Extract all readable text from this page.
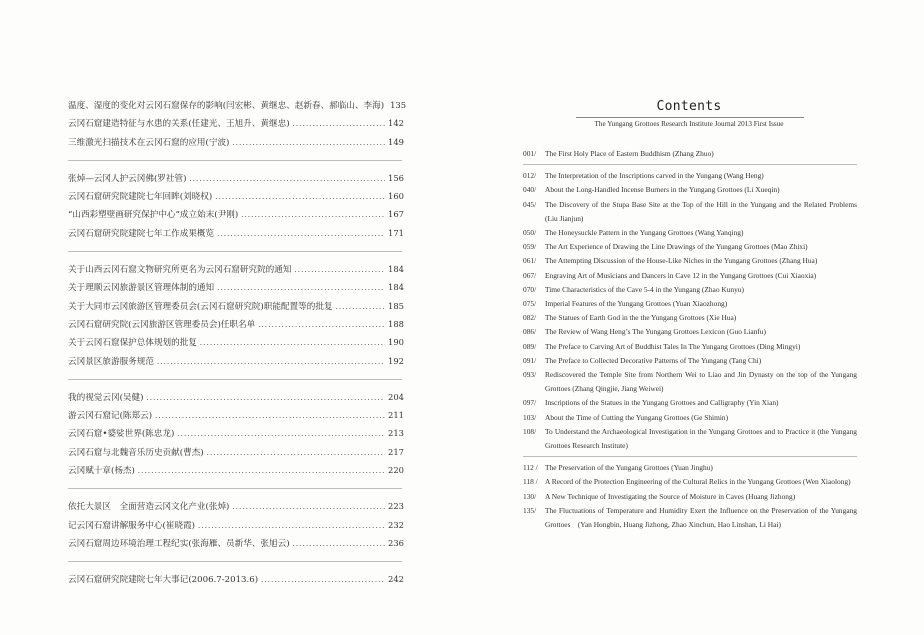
温度、湿度的变化对云冈石窟保存的影响(闫宏彬、黄继忠、赵新春、郝临山、李海) 135
云冈石窟建造特征与水患的关系(任建光、王旭升、黄继忠) .....	142
三维激光扫描技术在云冈石窟的应用(宁波) .....	149
张焯—云冈人护云冈佛(罗社管) .....	156
云冈石窟研究院建院七年回眸(刘晓权) .....	160
“山西彩塑壁画研究保护中心”成立始末(尹刚) .....	167
云冈石窟研究院建院七年工作成果概览 .....	171
关于山西云冈石窟文物研究所更名为云冈石窟研究院的通知 .....	184
关于理顺云冈旅游景区管理体制的通知 .....	184
关于大同市云冈旅游区管理委员会(云冈石窟研究院)职能配置等的批复 .....	185
云冈石窟研究院(云冈旅游区管理委员会)任职名单 .....	188
关于云冈石窟保护总体规划的批复 .....	190
云冈景区旅游服务规范 .....	192
我的视觉云冈(吴健) .....	204
游云冈石窟记(陈郑云) .....	211
云冈石窟•婆娑世界(陈忠龙) .....	213
云冈石窟与北魏音乐历史贡献(曹杰) .....	217
云冈赋十章(杨杰) .....	220
依托大景区　全面营造云冈文化产业(张焯) .....	223
记云冈石窟讲解服务中心(崔晓霞) .....	232
云冈石窟周边环境治理工程纪实(张海雁、员新华、张旭云) .....	236
云冈石窟研究院建院七年大事记(2006.7-2013.6) .....	242
Contents
The Yungang Grottoes Research Institute Journal 2013 First Issue
001/	The First Holy Place of Eastern Buddhism (Zhang Zhuo)
012/	The Interpretation of the Inscriptions carved in the Yungang (Wang Heng)
040/	About the Long-Handled Incense Burners in the Yungang Grottoes (Li Xueqin)
045/	The Discovery of the Stupa Base Site at the Top of the Hill in the Yungang and the Related Problems (Liu Jianjun)
050/	The Honeysuckle Pattern in the Yungang Grottoes (Wang Yanqing)
059/	The Art Experience of Drawing the Line Drawings of the Yungang Grottoes (Mao Zhixi)
061/	The Attempting Discussion of the House-Like Niches in the Yungang Grottoes (Zhang Hua)
067/	Engraving Art of Musicians and Dancers in Cave 12 in the Yungang Grottoes (Cui Xiaoxia)
070/	Time Characteristics of the Cave 5-4 in the Yungang (Zhao Kunyu)
075/	Imperial Features of the Yungang Grottoes (Yuan Xiaozhong)
082/	The Statues of Earth God in the the Yungang Grottoes (Xie Hua)
086/	The Review of Wang Heng’s The Yungang Grottoes Lexicon (Guo Lianfu)
089/	The Preface to Carving Art of Buddhist Tales In The Yungang Grottoes (Ding Mingyi)
091/	The Preface to Collected Decorative Patterns of The Yungang (Tang Chi)
093/	Rediscovered the Temple Site from Northern Wei to Liao and Jin Dynasty on the top of the Yungang Grottoes (Zhang Qingjie, Jiang Weiwei)
097/	Inscriptions of the Statues in the Yungang Grottoes and Calligraphy (Yin Xian)
103/	About the Time of Cutting the Yungang Grottoes (Ge Shimin)
108/	To Understand the Archaeological Investigation in the Yungang Grottoes and to Practice it (the Yungang Grottoes Research Institute)
112 / The Preservation of the Yungang Grottoes (Yuan Jinghu)
118 / A Record of the Protection Engineering of the Cultural Relics in the Yungang Grottoes (Wen Xiaolong)
130/	A New Technique of Investigating the Source of Moisture in Caves (Huang Jizhong)
135/	The Fluctuations of Temperature and Humidity Exert the Influence on the Preservation of the Yungang Grottoes　(Yan Hongbin, Huang Jizhong, Zhao Xinchun, Hao Linshan, Li Hai)
